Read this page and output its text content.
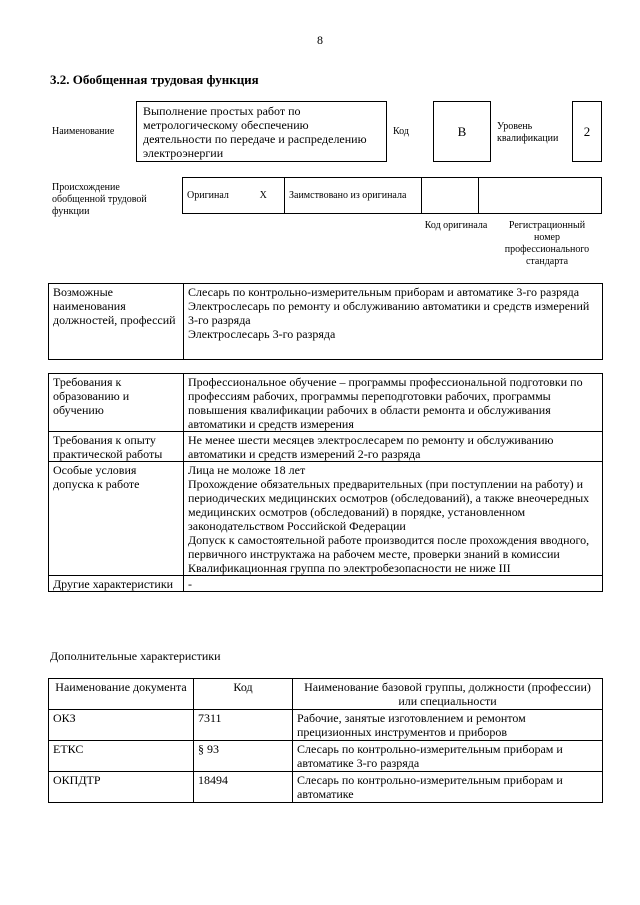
8
3.2. Обобщенная трудовая функция
Наименование
Выполнение простых работ по метрологическому обеспечению деятельности по передаче и распределению электроэнергии
Код	B	Уровень квалификации	2
Происхождение обобщенной трудовой функции
Оригинал	X	Заимствовано из оригинала		
Код оригинала	Регистрационный номер профессионального стандарта
Возможные наименования должностей, профессий	
Слесарь по контрольно-измерительным приборам и автоматике 3-го разряда
Электрослесарь по ремонту и обслуживанию автоматики и средств измерений 3-го разряда
Электрослесарь 3-го разряда
Требования к образованию и обучению	Профессиональное обучение – программы профессиональной подготовки по профессиям рабочих, программы переподготовки рабочих, программы повышения квалификации рабочих в области ремонта и обслуживания автоматики и средств измерения
Требования к опыту практической работы	Не менее шести месяцев электрослесарем по ремонту и обслуживанию автоматики и средств измерений 2-го разряда
Особые условия допуска к работе	Лица не моложе 18 лет
Прохождение обязательных предварительных (при поступлении на работу) и периодических медицинских осмотров (обследований), а также внеочередных медицинских осмотров (обследований) в порядке, установленном законодательством Российской Федерации
Допуск к самостоятельной работе производится после прохождения вводного, первичного инструктажа на рабочем месте, проверки знаний в комиссии
Квалификационная группа по электробезопасности не ниже III

Другие характеристики	-
Дополнительные характеристики
Наименование документа	Код	Наименование базовой группы, должности (профессии) или специальности
ОКЗ	7311	Рабочие, занятые изготовлением и ремонтом прецизионных инструментов и приборов
ЕТКС	§ 93	Слесарь по контрольно-измерительным приборам и автоматике 3-го разряда
ОКПДТР	18494	Слесарь по контрольно-измерительным приборам и автоматике
